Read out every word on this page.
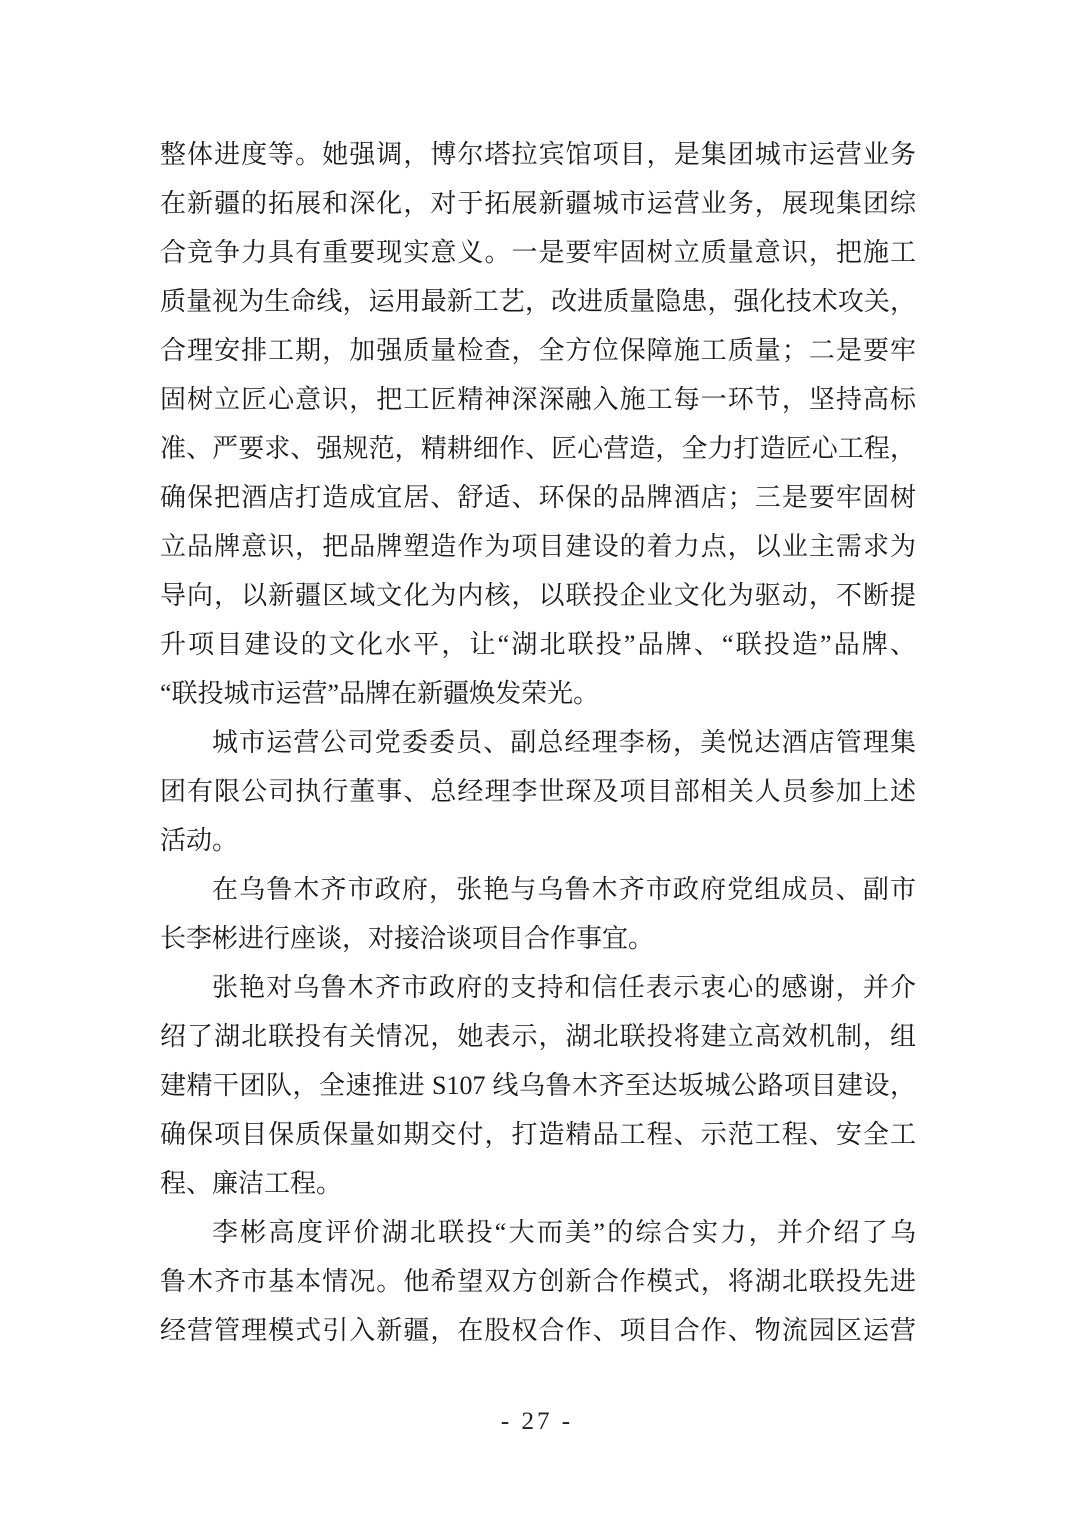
整体进度等。她强调，博尔塔拉宾馆项目，是集团城市运营业务
在新疆的拓展和深化，对于拓展新疆城市运营业务，展现集团综
合竞争力具有重要现实意义。一是要牢固树立质量意识，把施工
质量视为生命线，运用最新工艺，改进质量隐患，强化技术攻关，
合理安排工期，加强质量检查，全方位保障施工质量；二是要牢
固树立匠心意识，把工匠精神深深融入施工每一环节，坚持高标
准、严要求、强规范，精耕细作、匠心营造，全力打造匠心工程，
确保把酒店打造成宜居、舒适、环保的品牌酒店；三是要牢固树
立品牌意识，把品牌塑造作为项目建设的着力点，以业主需求为
导向，以新疆区域文化为内核，以联投企业文化为驱动，不断提
升项目建设的文化水平，让“湖北联投”品牌、“联投造”品牌、
“联投城市运营”品牌在新疆焕发荣光。
城市运营公司党委委员、副总经理李杨，美悦达酒店管理集
团有限公司执行董事、总经理李世琛及项目部相关人员参加上述
活动。
在乌鲁木齐市政府，张艳与乌鲁木齐市政府党组成员、副市
长李彬进行座谈，对接洽谈项目合作事宜。
张艳对乌鲁木齐市政府的支持和信任表示衷心的感谢，并介
绍了湖北联投有关情况，她表示，湖北联投将建立高效机制，组
建精干团队，全速推进 S107 线乌鲁木齐至达坂城公路项目建设，
确保项目保质保量如期交付，打造精品工程、示范工程、安全工
程、廉洁工程。
李彬高度评价湖北联投“大而美”的综合实力，并介绍了乌
鲁木齐市基本情况。他希望双方创新合作模式，将湖北联投先进
经营管理模式引入新疆，在股权合作、项目合作、物流园区运营
- 27 -
